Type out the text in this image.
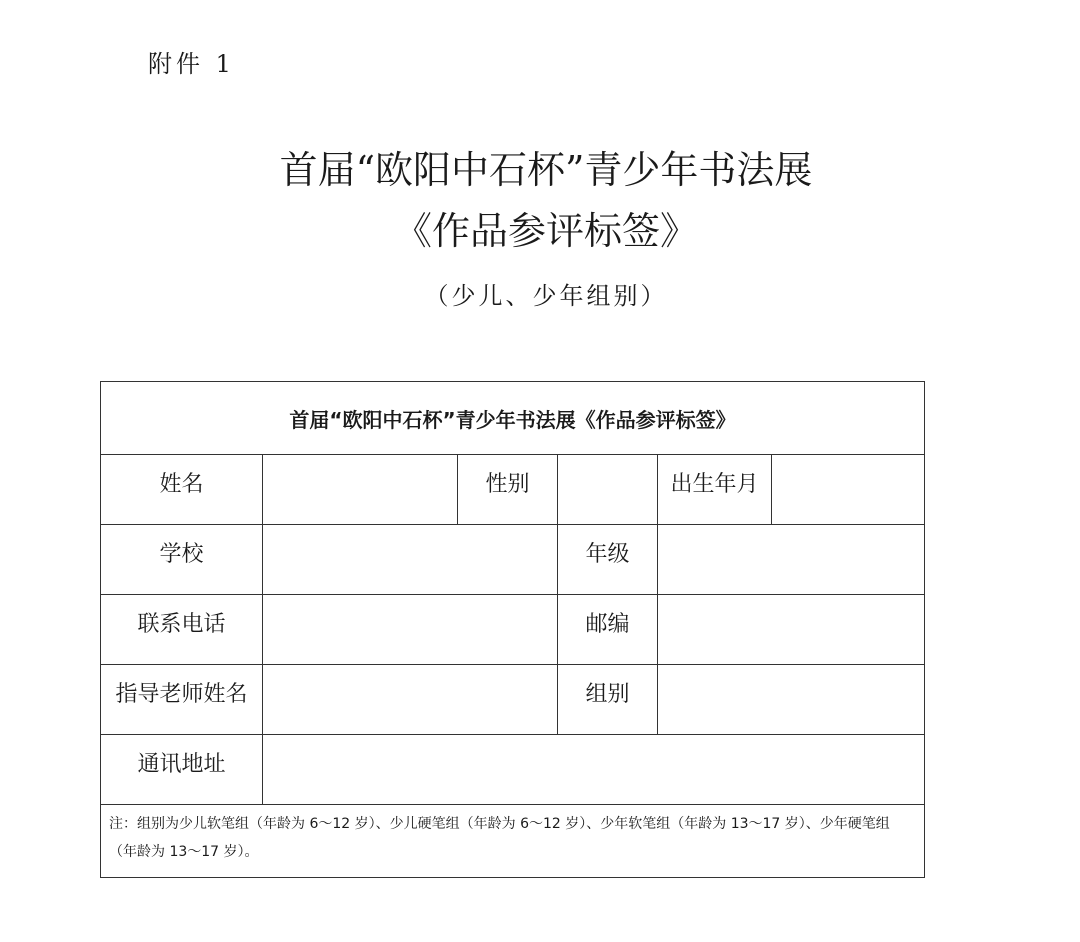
附件 1
首届“欧阳中石杯”青少年书法展
《作品参评标签》
（少儿、少年组别）
首届“欧阳中石杯”青少年书法展《作品参评标签》					
姓名		性别		出生年月	
学校			年级		
联系电话			邮编		
指导老师姓名			组别		
通讯地址					
注：组别为少儿软笔组（年龄为 6～12 岁）、少儿硬笔组（年龄为 6～12 岁）、少年软笔组（年龄为 13～17 岁）、少年硬笔组（年龄为 13～17 岁）。					
